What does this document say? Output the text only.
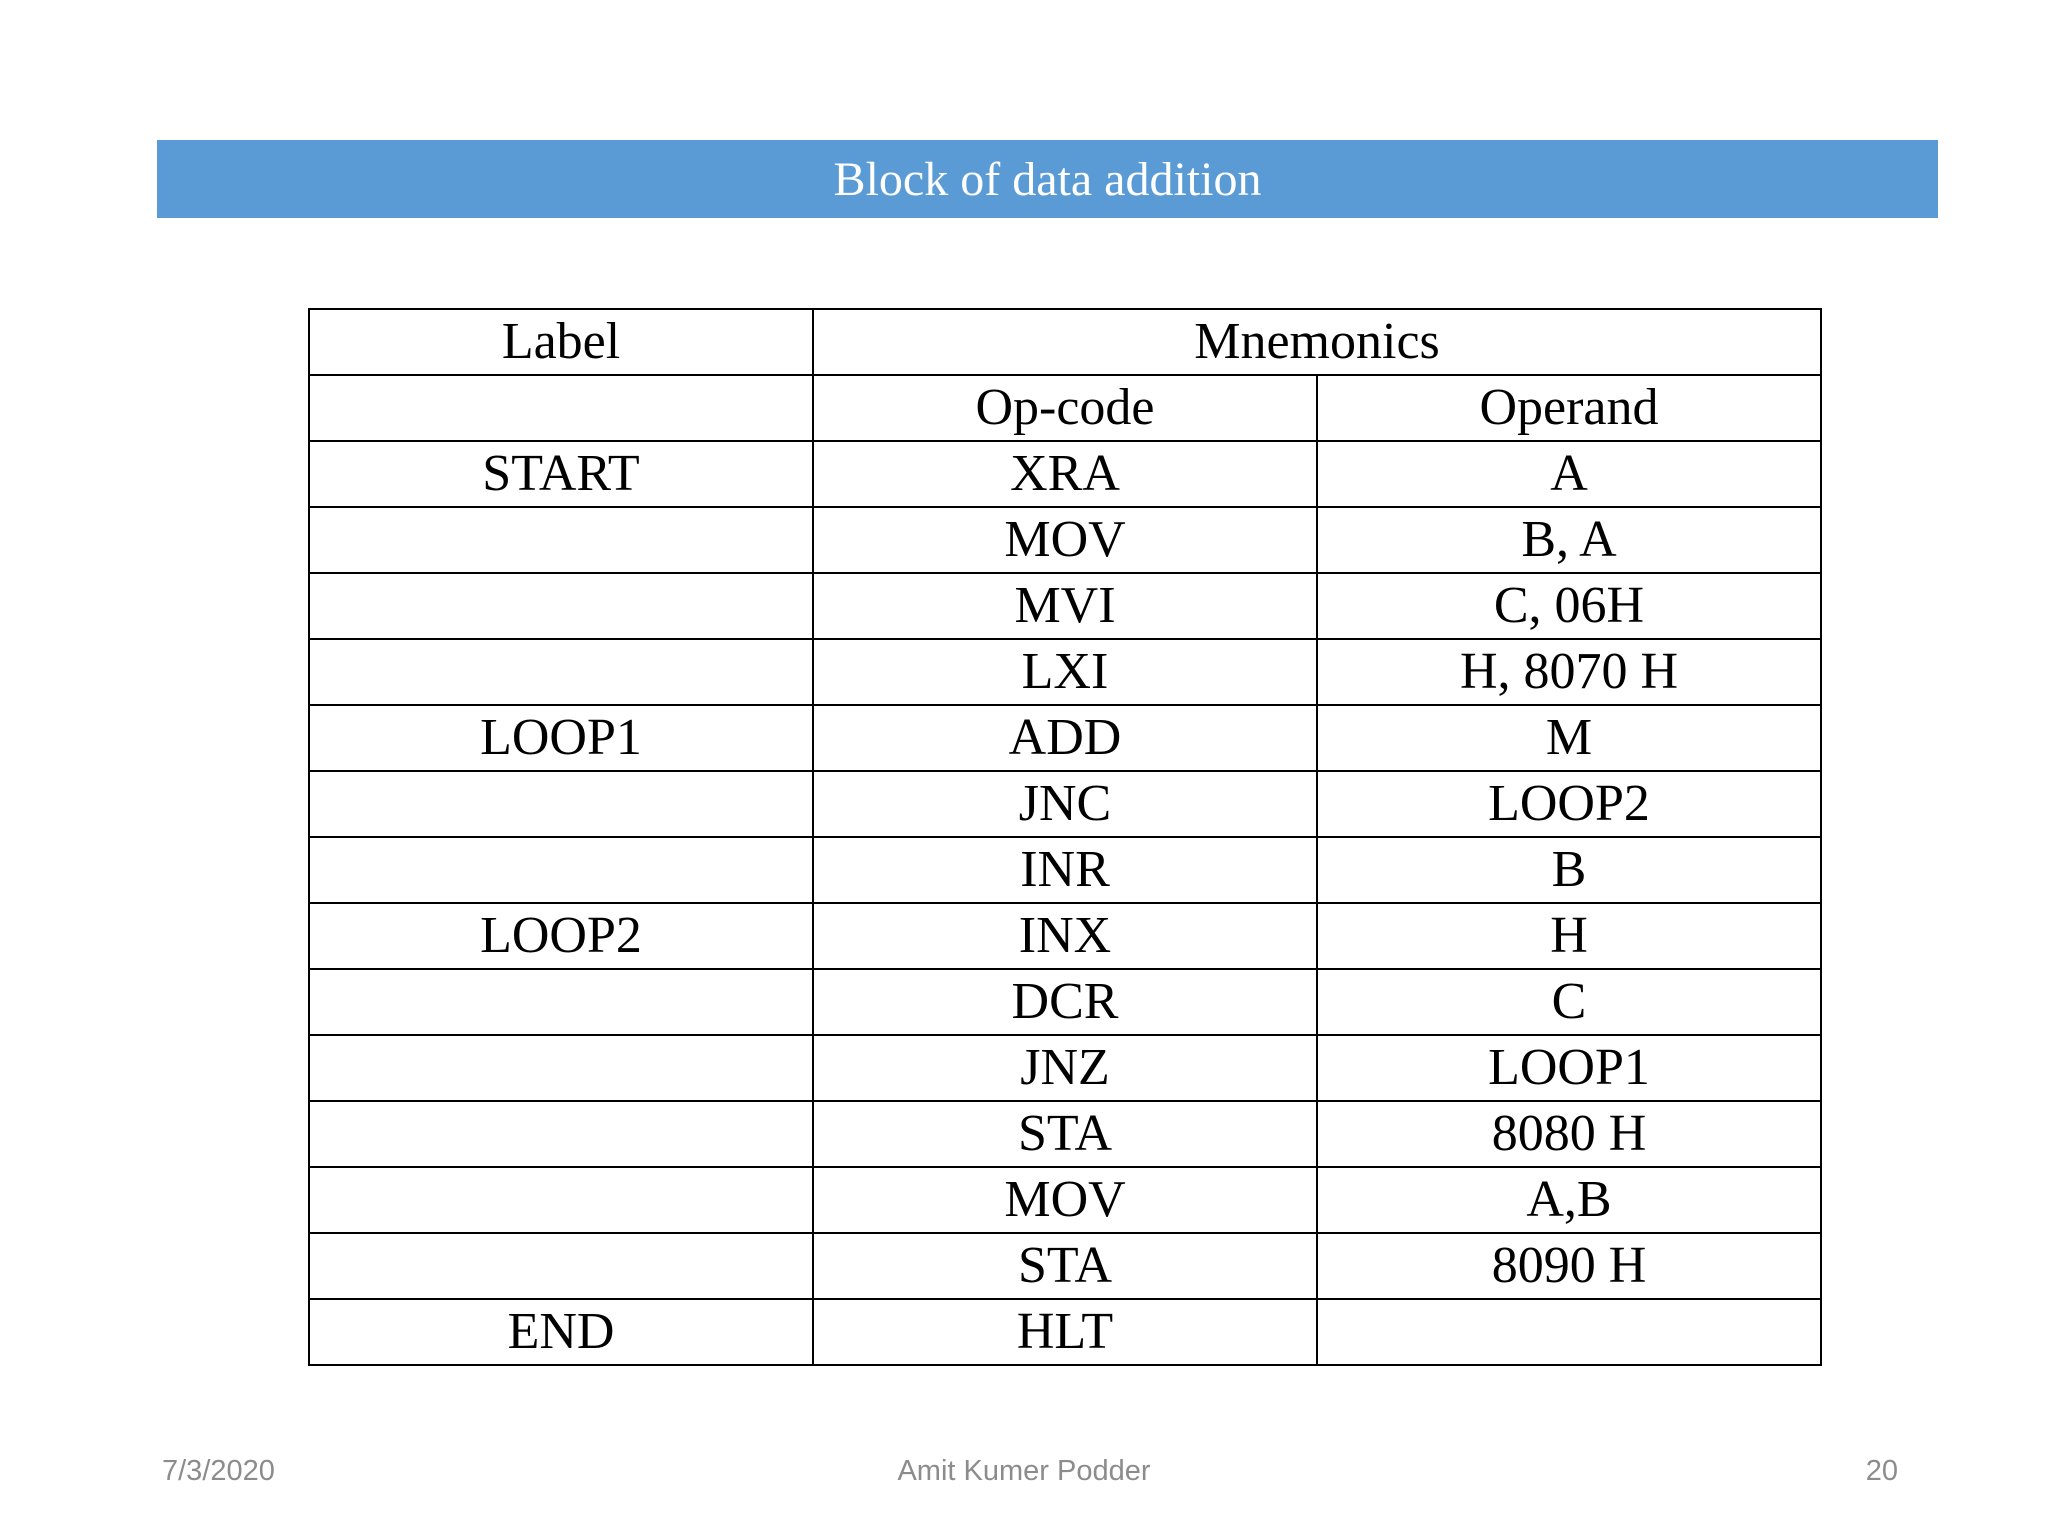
Block of data addition
Label	Mnemonics	
	Op-code	Operand
START	XRA	A
	MOV	B, A
	MVI	C, 06H
	LXI	H, 8070 H
LOOP1	ADD	M
	JNC	LOOP2
	INR	B
LOOP2	INX	H
	DCR	C
	JNZ	LOOP1
	STA	8080 H
	MOV	A,B
	STA	8090 H
END	HLT	
7/3/2020	Amit Kumer Podder	20
